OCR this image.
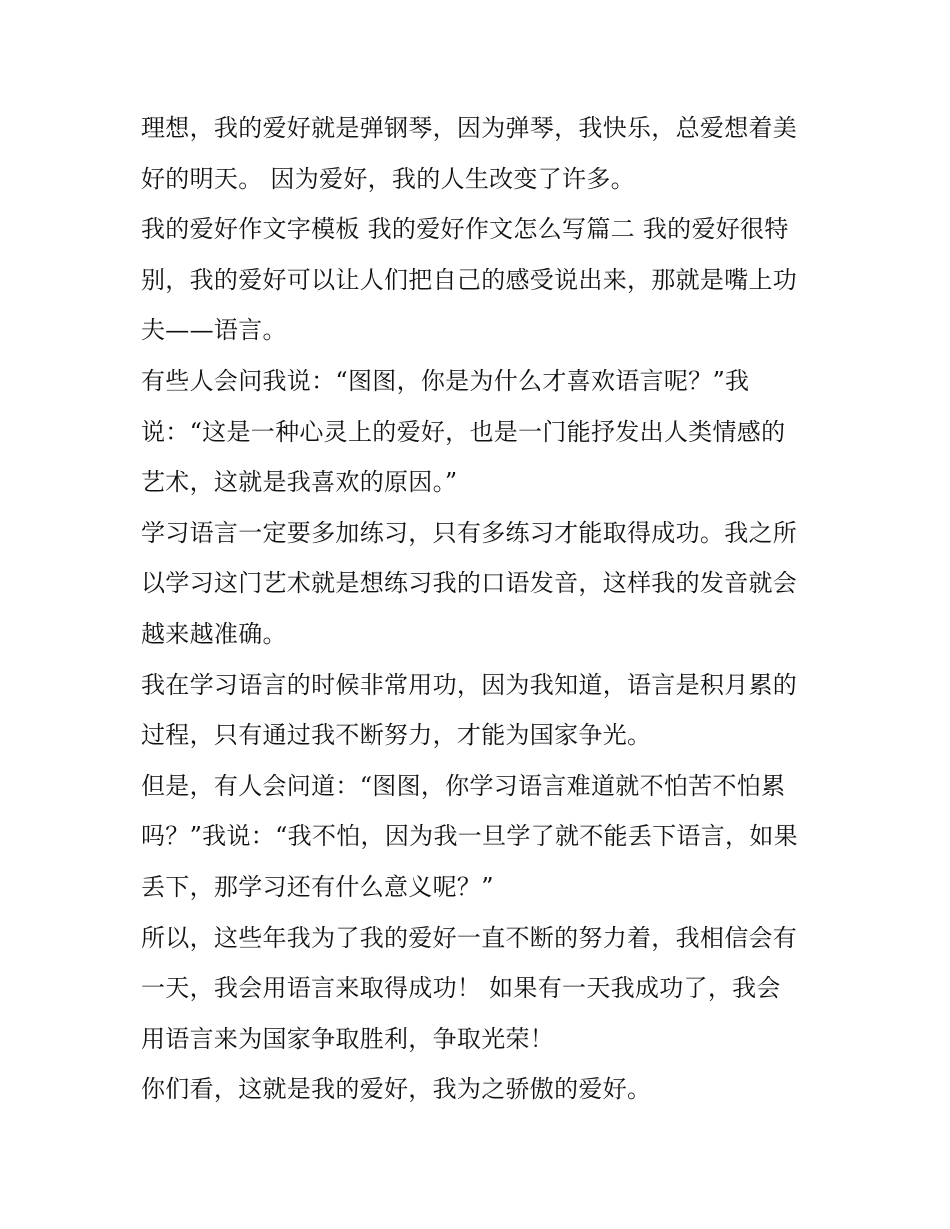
理想，我的爱好就是弹钢琴，因为弹琴，我快乐，总爱想着美
好的明天。 因为爱好，我的人生改变了许多。
我的爱好作文字模板 我的爱好作文怎么写篇二 我的爱好很特
别，我的爱好可以让人们把自己的感受说出来，那就是嘴上功
夫——语言。
有些人会问我说：“图图，你是为什么才喜欢语言呢？”我
说：“这是一种心灵上的爱好，也是一门能抒发出人类情感的
艺术，这就是我喜欢的原因。”
学习语言一定要多加练习，只有多练习才能取得成功。我之所
以学习这门艺术就是想练习我的口语发音，这样我的发音就会
越来越准确。
我在学习语言的时候非常用功，因为我知道，语言是积月累的
过程，只有通过我不断努力，才能为国家争光。
但是，有人会问道：“图图，你学习语言难道就不怕苦不怕累
吗？”我说：“我不怕，因为我一旦学了就不能丢下语言，如果
丢下，那学习还有什么意义呢？”
所以，这些年我为了我的爱好一直不断的努力着，我相信会有
一天，我会用语言来取得成功！ 如果有一天我成功了，我会
用语言来为国家争取胜利，争取光荣！
你们看，这就是我的爱好，我为之骄傲的爱好。
